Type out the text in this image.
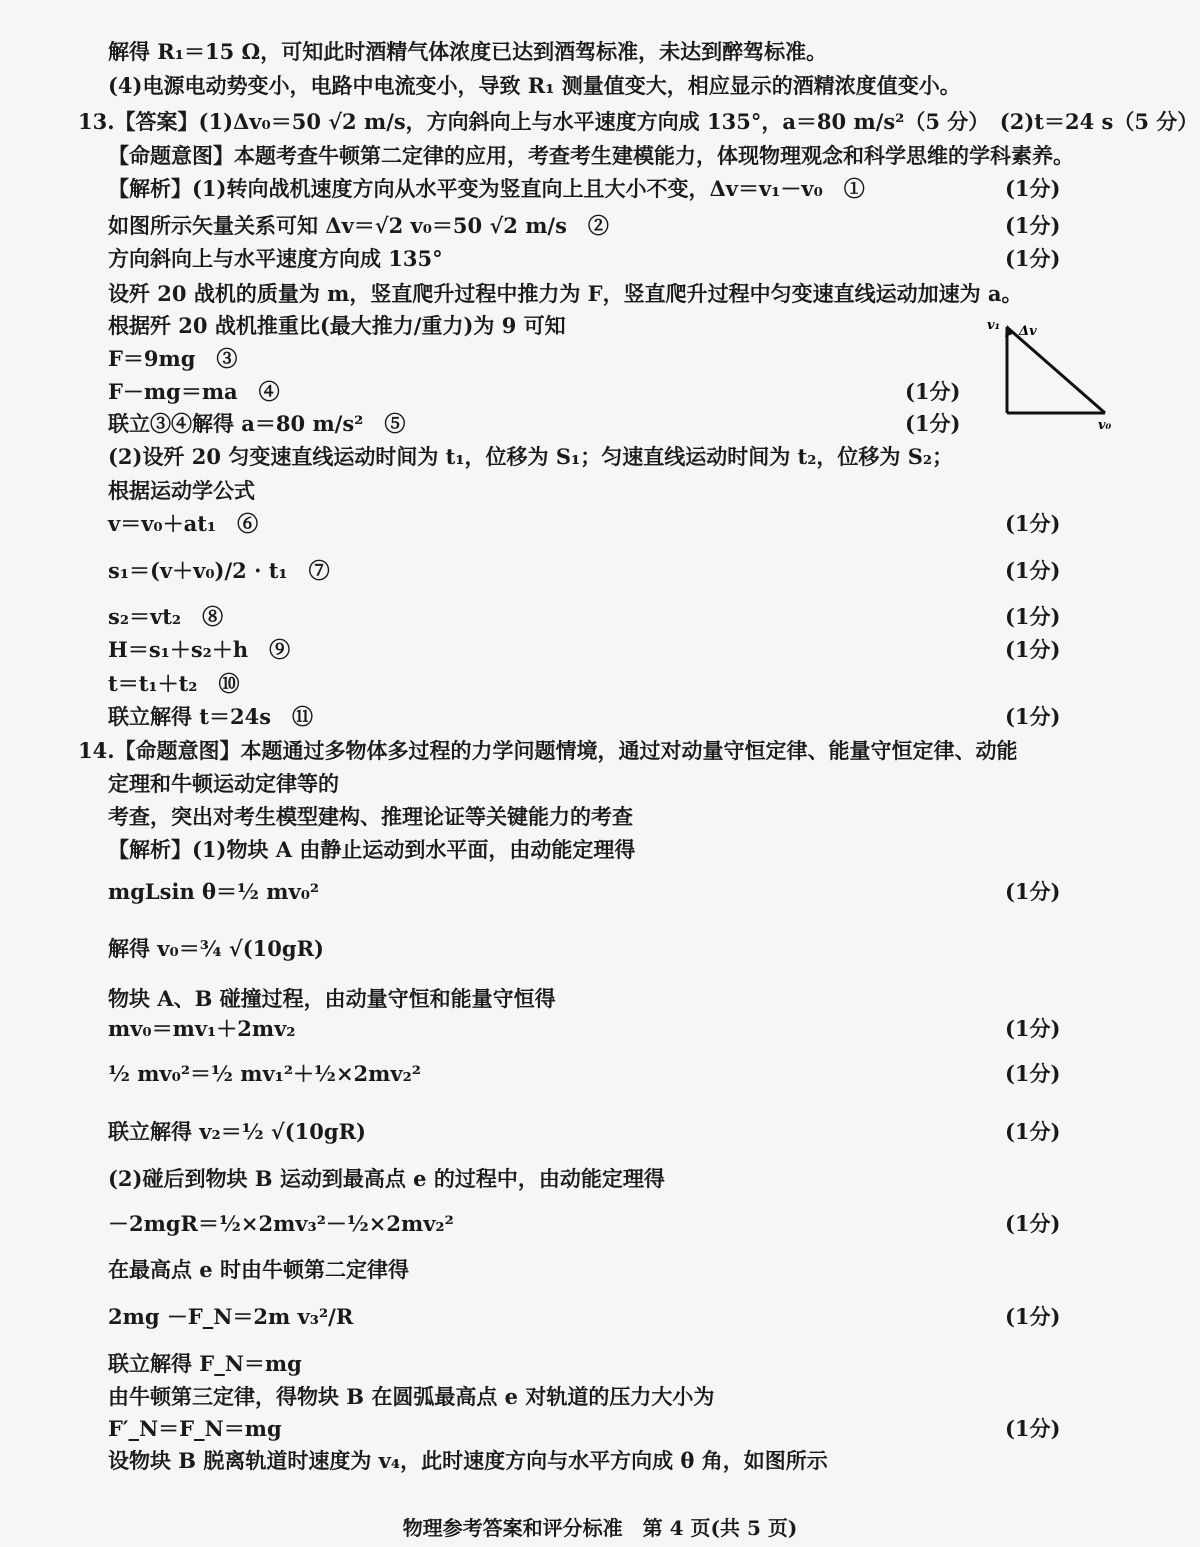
解得 R₁＝15 Ω，可知此时酒精气体浓度已达到酒驾标准，未达到醉驾标准。
(4)电源电动势变小，电路中电流变小，导致 R₁ 测量值变大，相应显示的酒精浓度值变小。
13.【答案】(1)Δv₀＝50 √2 m/s，方向斜向上与水平速度方向成 135°，a＝80 m/s²（5 分）　(2)t＝24 s（5 分）
【命题意图】本题考查牛顿第二定律的应用，考查考生建模能力，体现物理观念和科学思维的学科素养。
【解析】(1)转向战机速度方向从水平变为竖直向上且大小不变，Δv＝v₁－v₀　①
如图所示矢量关系可知 Δv＝√2 v₀＝50 √2 m/s　②
方向斜向上与水平速度方向成 135°
设歼 20 战机的质量为 m，竖直爬升过程中推力为 F，竖直爬升过程中匀变速直线运动加速为 a。
根据歼 20 战机推重比(最大推力/重力)为 9 可知
F＝9mg　③
F－mg＝ma　④
联立③④解得 a＝80 m/s²　⑤
(2)设歼 20 匀变速直线运动时间为 t₁，位移为 S₁；匀速直线运动时间为 t₂，位移为 S₂；
根据运动学公式
v＝v₀＋at₁　⑥
s₁＝(v＋v₀)/2 · t₁　⑦
s₂＝vt₂　⑧
H＝s₁＋s₂＋h　⑨
t＝t₁＋t₂　⑩
联立解得 t＝24s　⑪
14.【命题意图】本题通过多物体多过程的力学问题情境，通过对动量守恒定律、能量守恒定律、动能
定理和牛顿运动定律等的
考查，突出对考生模型建构、推理论证等关键能力的考查
【解析】(1)物块 A 由静止运动到水平面，由动能定理得
mgLsin θ＝½ mv₀²
解得 v₀＝¾ √(10gR)
物块 A、B 碰撞过程，由动量守恒和能量守恒得
mv₀＝mv₁＋2mv₂
½ mv₀²＝½ mv₁²＋½×2mv₂²
联立解得 v₂＝½ √(10gR)
(2)碰后到物块 B 运动到最高点 e 的过程中，由动能定理得
－2mgR＝½×2mv₃²－½×2mv₂²
在最高点 e 时由牛顿第二定律得
2mg －F_N＝2m v₃²/R
联立解得 F_N＝mg
由牛顿第三定律，得物块 B 在圆弧最高点 e 对轨道的压力大小为
F′_N＝F_N＝mg
设物块 B 脱离轨道时速度为 v₄，此时速度方向与水平方向成 θ 角，如图所示
(1分)
(1分)
(1分)
(1分)
(1分)
(1分)
(1分)
(1分)
(1分)
(1分)
(1分)
(1分)
(1分)
(1分)
(1分)
(1分)
(1分)
v₁ Δv
v₀
物理参考答案和评分标准　第 4 页(共 5 页)
